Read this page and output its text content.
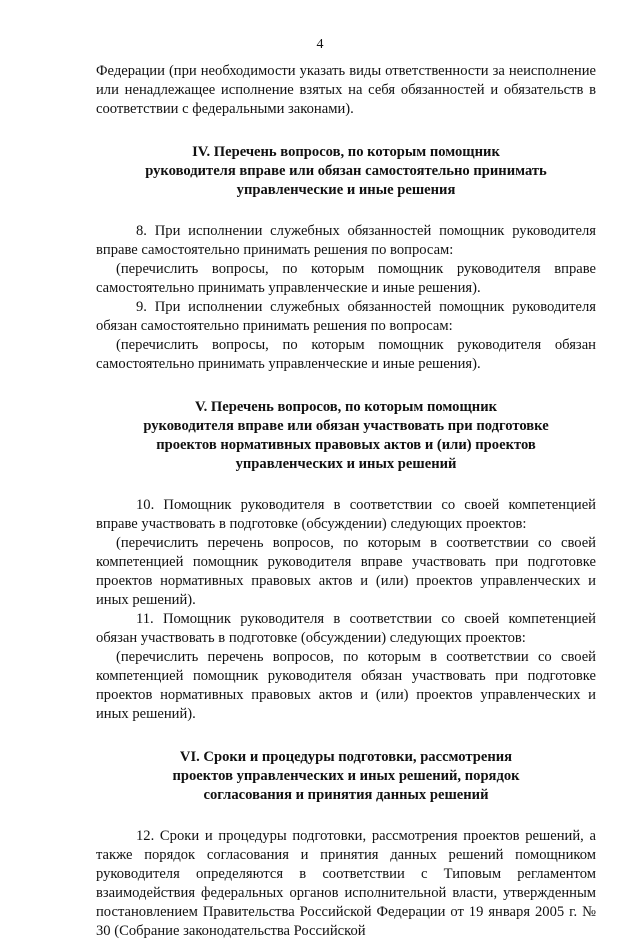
4

Федерации (при необходимости указать виды ответственности за неисполнение или ненадлежащее исполнение взятых на себя обязанностей и обязательств в соответствии с федеральными законами).

IV. Перечень вопросов, по которым помощник
руководителя вправе или обязан самостоятельно принимать
управленческие и иные решения

8. При исполнении служебных обязанностей помощник руководителя вправе самостоятельно принимать решения по вопросам:

(перечислить вопросы, по которым помощник руководителя вправе самостоятельно принимать управленческие и иные решения).

9. При исполнении служебных обязанностей помощник руководителя обязан самостоятельно принимать решения по вопросам:

(перечислить вопросы, по которым помощник руководителя обязан самостоятельно принимать управленческие и иные решения).

V. Перечень вопросов, по которым помощник
руководителя вправе или обязан участвовать при подготовке
проектов нормативных правовых актов и (или) проектов
управленческих и иных решений

10. Помощник руководителя в соответствии со своей компетенцией вправе участвовать в подготовке (обсуждении) следующих проектов:

(перечислить перечень вопросов, по которым в соответствии со своей компетенцией помощник руководителя вправе участвовать при подготовке проектов нормативных правовых актов и (или) проектов управленческих и иных решений).

11. Помощник руководителя в соответствии со своей компетенцией обязан участвовать в подготовке (обсуждении) следующих проектов:

(перечислить перечень вопросов, по которым в соответствии со своей компетенцией помощник руководителя обязан участвовать при подготовке проектов нормативных правовых актов и (или) проектов управленческих и иных решений).

VI. Сроки и процедуры подготовки, рассмотрения
проектов управленческих и иных решений, порядок
согласования и принятия данных решений

12. Сроки и процедуры подготовки, рассмотрения проектов решений, а также порядок согласования и принятия данных решений помощником руководителя определяются в соответствии с Типовым регламентом взаимодействия федеральных органов исполнительной власти, утвержденным постановлением Правительства Российской Федерации от 19 января 2005 г. № 30 (Собрание законодательства Российской
